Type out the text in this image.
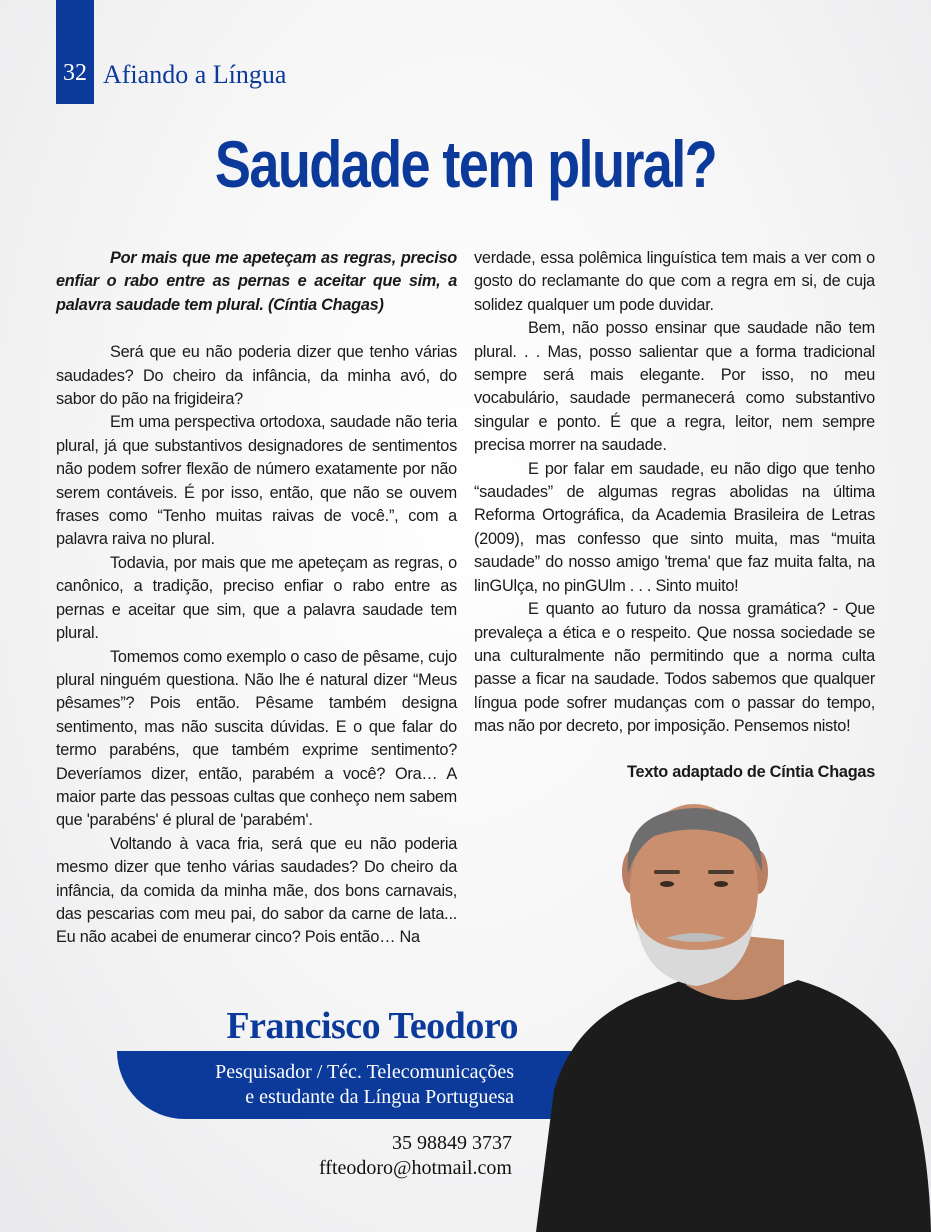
32 Afiando a Língua
Saudade tem plural?

Por mais que me apeteçam as regras, preciso enfiar o rabo entre as pernas e aceitar que sim, a palavra saudade tem plural. (Cíntia Chagas)

Será que eu não poderia dizer que tenho várias saudades? Do cheiro da infância, da minha avó, do sabor do pão na frigideira?

Em uma perspectiva ortodoxa, saudade não teria plural, já que substantivos designadores de sentimentos não podem sofrer flexão de número exatamente por não serem contáveis. É por isso, então, que não se ouvem frases como “Tenho muitas raivas de você.”, com a palavra raiva no plural.

Todavia, por mais que me apeteçam as regras, o canônico, a tradição, preciso enfiar o rabo entre as pernas e aceitar que sim, que a palavra saudade tem plural.

Tomemos como exemplo o caso de pêsame, cujo plural ninguém questiona. Não lhe é natural dizer “Meus pêsames”? Pois então. Pêsame também designa sentimento, mas não suscita dúvidas. E o que falar do termo parabéns, que também exprime sentimento? Deveríamos dizer, então, parabém a você? Ora… A maior parte das pessoas cultas que conheço nem sabem que 'parabéns' é plural de 'parabém'.

Voltando à vaca fria, será que eu não poderia mesmo dizer que tenho várias saudades? Do cheiro da infância, da comida da minha mãe, dos bons carnavais, das pescarias com meu pai, do sabor da carne de lata... Eu não acabei de enumerar cinco? Pois então… Na

verdade, essa polêmica linguística tem mais a ver com o gosto do reclamante do que com a regra em si, de cuja solidez qualquer um pode duvidar.

Bem, não posso ensinar que saudade não tem plural. . . Mas, posso salientar que a forma tradicional sempre será mais elegante. Por isso, no meu vocabulário, saudade permanecerá como substantivo singular e ponto. É que a regra, leitor, nem sempre precisa morrer na saudade.

E por falar em saudade, eu não digo que tenho “saudades” de algumas regras abolidas na última Reforma Ortográfica, da Academia Brasileira de Letras (2009), mas confesso que sinto muita, mas “muita saudade” do nosso amigo 'trema' que faz muita falta, na linGUlça, no pinGUlm . . . Sinto muito!

E quanto ao futuro da nossa gramática? - Que prevaleça a ética e o respeito. Que nossa sociedade se una culturalmente não permitindo que a norma culta passe a ficar na saudade. Todos sabemos que qualquer língua pode sofrer mudanças com o passar do tempo, mas não por decreto, por imposição. Pensemos nisto!

Texto adaptado de Cíntia Chagas

Francisco Teodoro
Pesquisador / Téc. Telecomunicações
e estudante da Língua Portuguesa
35 98849 3737
ffteodoro@hotmail.com
